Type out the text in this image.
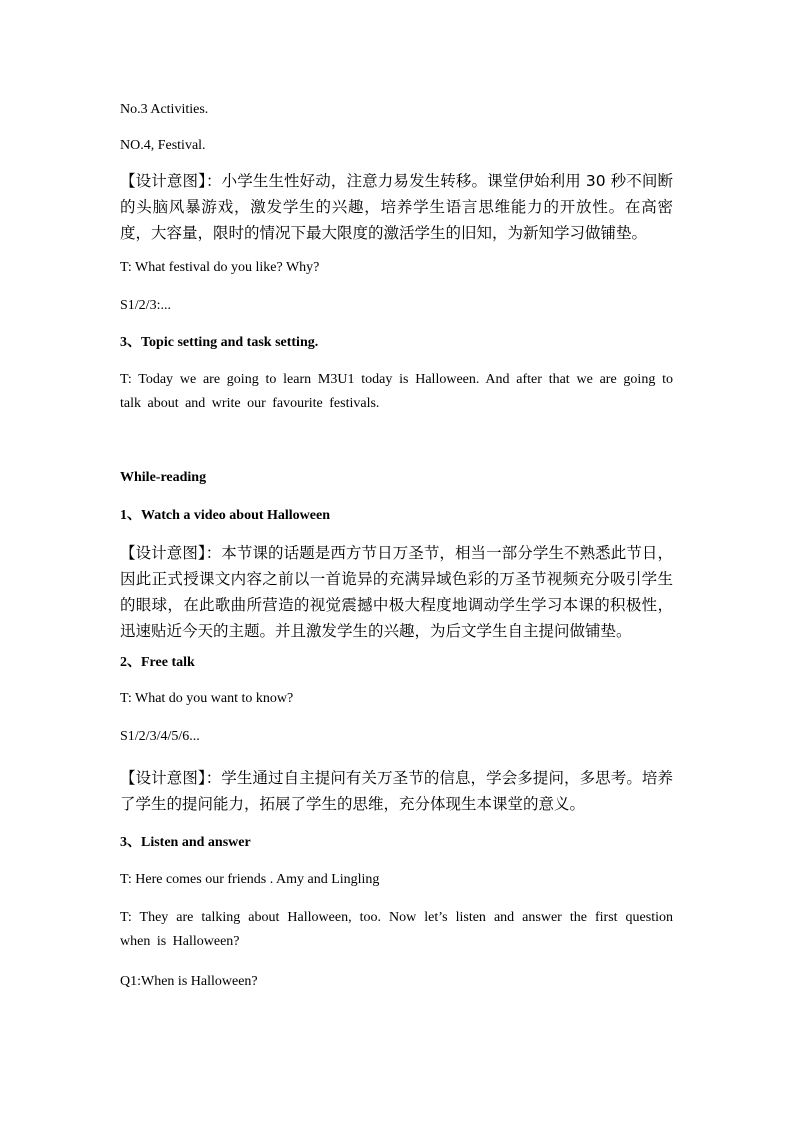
No.3 Activities.

NO.4, Festival.

【设计意图】：小学生生性好动，注意力易发生转移。课堂伊始利用 30 秒不间断的头脑风暴游戏，激发学生的兴趣，培养学生语言思维能力的开放性。在高密度，大容量，限时的情况下最大限度的激活学生的旧知，为新知学习做铺垫。

T: What festival do you like? Why?

S1/2/3:...

3、Topic setting and task setting.

T: Today we are going to learn M3U1 today is Halloween. And after that we are going to talk about and write our favourite festivals.

While-reading

1、Watch a video about Halloween

【设计意图】：本节课的话题是西方节日万圣节，相当一部分学生不熟悉此节日，因此正式授课文内容之前以一首诡异的充满异域色彩的万圣节视频充分吸引学生的眼球，在此歌曲所营造的视觉震撼中极大程度地调动学生学习本课的积极性，迅速贴近今天的主题。并且激发学生的兴趣，为后文学生自主提问做铺垫。

2、Free talk

T: What do you want to know?

S1/2/3/4/5/6...

【设计意图】：学生通过自主提问有关万圣节的信息，学会多提问，多思考。培养了学生的提问能力，拓展了学生的思维，充分体现生本课堂的意义。

3、Listen and answer

T: Here comes our friends . Amy and Lingling

T: They are talking about Halloween, too. Now let’s listen and answer the first question when is Halloween?

Q1:When is Halloween?
